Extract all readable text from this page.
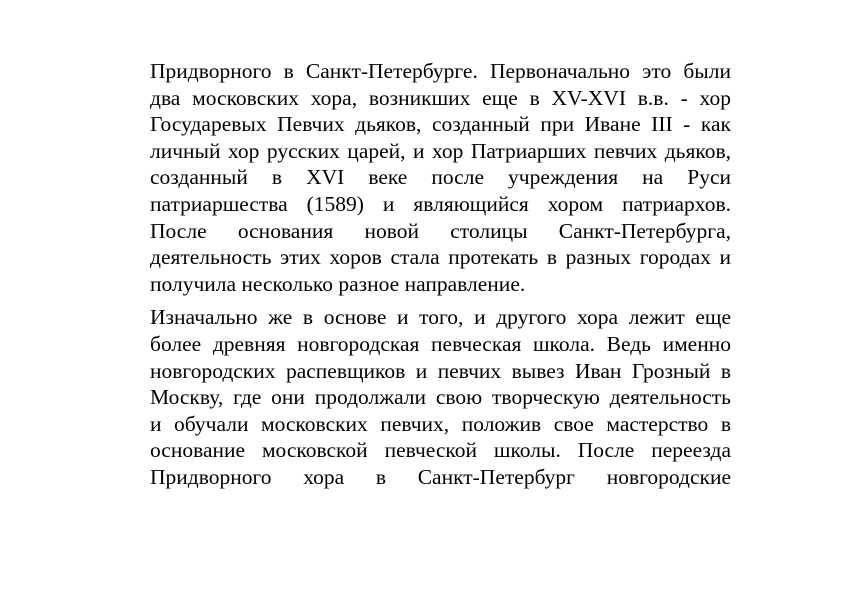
Придворного в Санкт-Петербурге. Первоначально это были
два московских хора, возникших еще в XV-XVI в.в. - хор
Государевых Певчих дьяков, созданный при Иване III - как
личный хор русских царей, и хор Патриарших певчих дьяков,
созданный в XVI веке после учреждения на Руси
патриаршества (1589) и являющийся хором патриархов.
После основания новой столицы Санкт-Петербурга,
деятельность этих хоров стала протекать в разных городах и
получила несколько разное направление.

Изначально же в основе и того, и другого хора лежит еще
более древняя новгородская певческая школа. Ведь именно
новгородских распевщиков и певчих вывез Иван Грозный в
Москву, где они продолжали свою творческую деятельность
и обучали московских певчих, положив свое мастерство в
основание московской певческой школы. После переезда
Придворного хора в Санкт-Петербург новгородские
